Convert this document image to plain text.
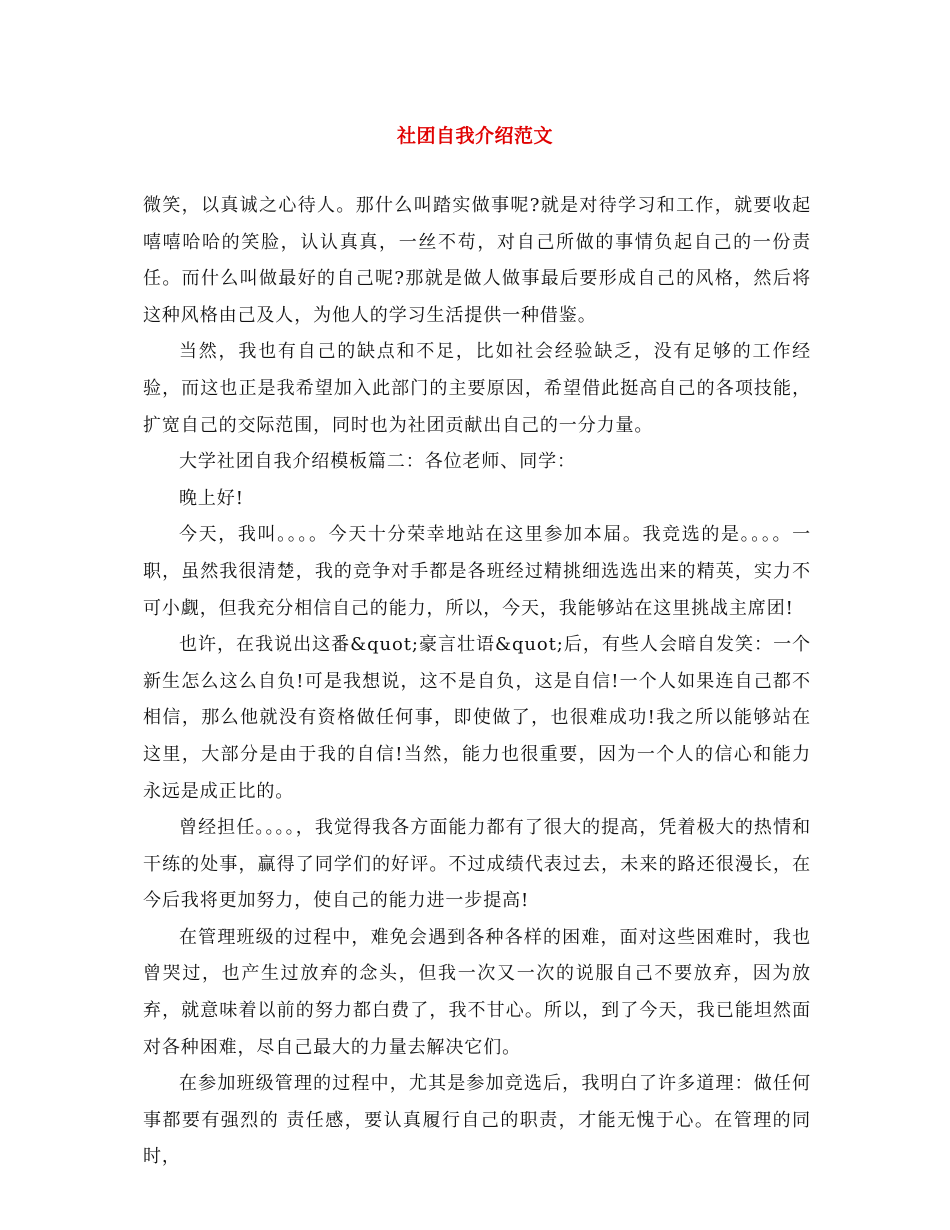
社团自我介绍范文

微笑，以真诚之心待人。那什么叫踏实做事呢?就是对待学习和工作，就要收起嘻嘻哈哈的笑脸，认认真真，一丝不苟，对自己所做的事情负起自己的一份责任。而什么叫做最好的自己呢?那就是做人做事最后要形成自己的风格，然后将这种风格由己及人，为他人的学习生活提供一种借鉴。

当然，我也有自己的缺点和不足，比如社会经验缺乏，没有足够的工作经验，而这也正是我希望加入此部门的主要原因，希望借此挺高自己的各项技能，扩宽自己的交际范围，同时也为社团贡献出自己的一分力量。

大学社团自我介绍模板篇二：各位老师、同学：

晚上好!

今天，我叫。。。。今天十分荣幸地站在这里参加本届。我竞选的是。。。。一职，虽然我很清楚，我的竞争对手都是各班经过精挑细选选出来的精英，实力不可小觑，但我充分相信自己的能力，所以，今天，我能够站在这里挑战主席团!

也许，在我说出这番&quot;豪言壮语&quot;后，有些人会暗自发笑：一个新生怎么这么自负!可是我想说，这不是自负，这是自信!一个人如果连自己都不相信，那么他就没有资格做任何事，即使做了，也很难成功!我之所以能够站在这里，大部分是由于我的自信!当然，能力也很重要，因为一个人的信心和能力永远是成正比的。

曾经担任。。。。，我觉得我各方面能力都有了很大的提高，凭着极大的热情和干练的处事，赢得了同学们的好评。不过成绩代表过去，未来的路还很漫长，在今后我将更加努力，使自己的能力进一步提高!

在管理班级的过程中，难免会遇到各种各样的困难，面对这些困难时，我也曾哭过，也产生过放弃的念头，但我一次又一次的说服自己不要放弃，因为放弃，就意味着以前的努力都白费了，我不甘心。所以，到了今天，我已能坦然面对各种困难，尽自己最大的力量去解决它们。

在参加班级管理的过程中，尤其是参加竞选后，我明白了许多道理：做任何事都要有强烈的 责任感，要认真履行自己的职责，才能无愧于心。在管理的同时，
